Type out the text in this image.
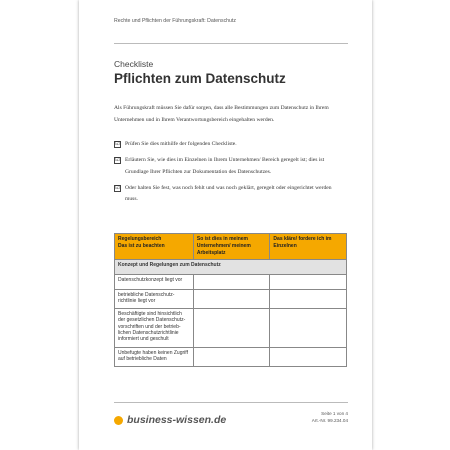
Rechte und Pflichten der Führungskraft: Datenschutz
Checkliste
Pflichten zum Datenschutz
Als Führungskraft müssen Sie dafür sorgen, dass alle Bestimmungen zum Datenschutz in Ihrem Unternehmen und in Ihrem Verantwortungsbereich eingehalten werden.
☑ Prüfen Sie dies mithilfe der folgenden Checkliste.
☑ Erläutern Sie, wie dies im Einzelnen in Ihrem Unternehmen/ Bereich geregelt ist; dies ist Grundlage Ihrer Pflichten zur Dokumentation des Datenschutzes.
☑ Oder halten Sie fest, was noch fehlt und was noch geklärt, geregelt oder eingerichtet werden muss.
Regelungsbereich
Das ist zu beachten	So ist dies in meinem Unternehmen/ meinem Arbeitsplatz	Das kläre/ fordere ich im Einzelnen
Konzept und Regelungen zum Datenschutz		
Datenschutzkonzept liegt vor		
betriebliche Datenschutz-richtlinie liegt vor		
Beschäftigte sind hinsichtlich der gesetzlichen Datenschutz-vorschriften und der betrieb-lichen Datenschutzrichtlinie informiert und geschult		
Unbefugte haben keinen Zugriff auf betriebliche Daten		
business-wissen.de
Seite 1 von 4
Art.-Nr. 99.234.04
